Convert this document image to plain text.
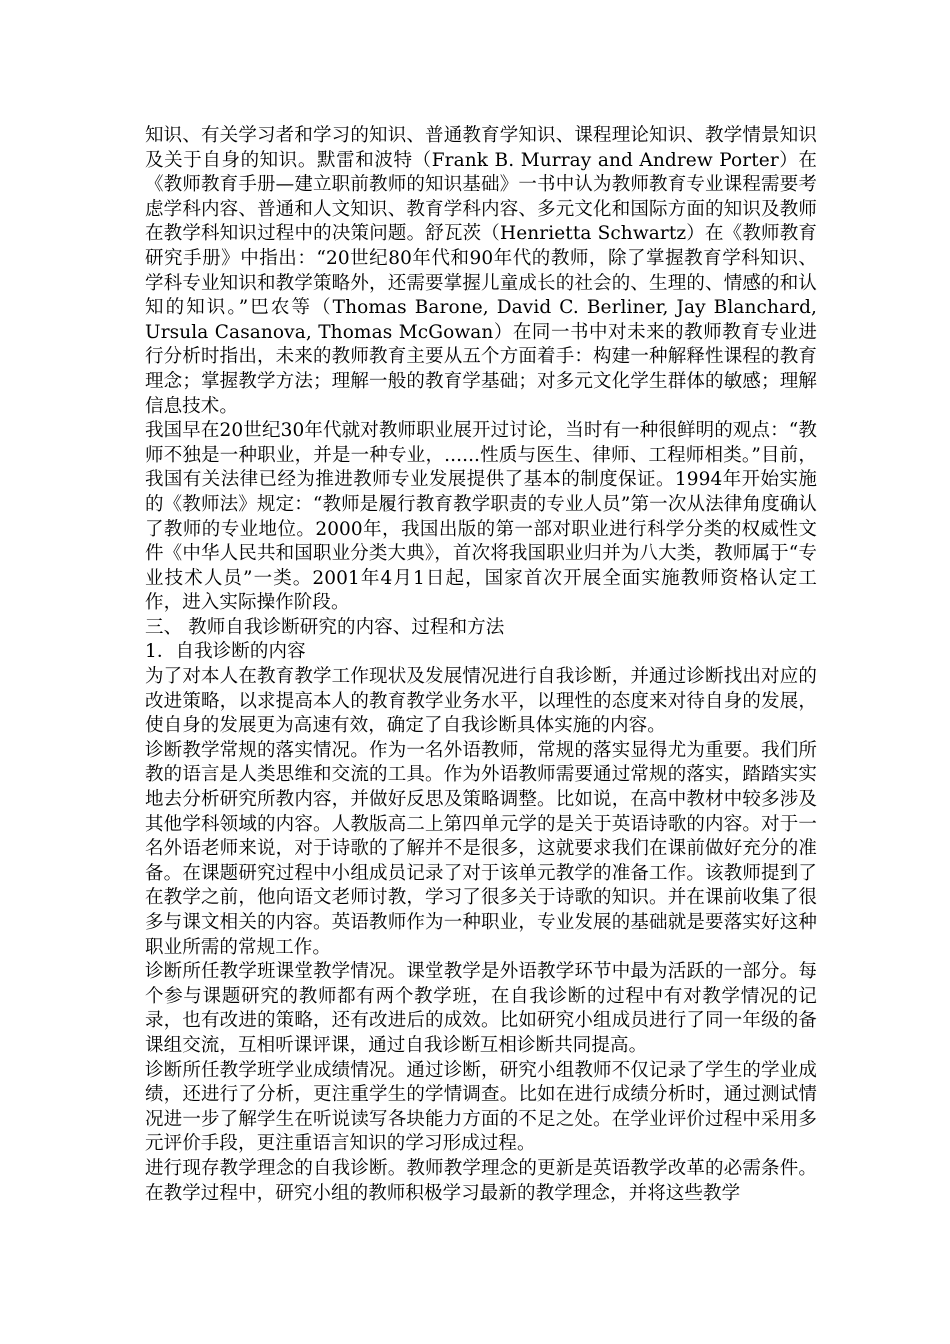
知识、有关学习者和学习的知识、普通教育学知识、课程理论知识、教学情景知识及关于自身的知识。默雷和波特（Frank B. Murray and Andrew Porter）在《教师教育手册—建立职前教师的知识基础》一书中认为教师教育专业课程需要考虑学科内容、普通和人文知识、教育学科内容、多元文化和国际方面的知识及教师在教学科知识过程中的决策问题。舒瓦茨（Henrietta Schwartz）在《教师教育研究手册》中指出：“20世纪80年代和90年代的教师，除了掌握教育学科知识、学科专业知识和教学策略外，还需要掌握儿童成长的社会的、生理的、情感的和认知的知识。”巴农等（Thomas Barone, David C. Berliner, Jay Blanchard, Ursula Casanova, Thomas McGowan）在同一书中对未来的教师教育专业进行分析时指出，未来的教师教育主要从五个方面着手：构建一种解释性课程的教育理念；掌握教学方法；理解一般的教育学基础；对多元文化学生群体的敏感；理解信息技术。

我国早在20世纪30年代就对教师职业展开过讨论，当时有一种很鲜明的观点：“教师不独是一种职业，并是一种专业，......性质与医生、律师、工程师相类。”目前，我国有关法律已经为推进教师专业发展提供了基本的制度保证。1994年开始实施的《教师法》规定：“教师是履行教育教学职责的专业人员”第一次从法律角度确认了教师的专业地位。2000年，我国出版的第一部对职业进行科学分类的权威性文件《中华人民共和国职业分类大典》，首次将我国职业归并为八大类，教师属于“专业技术人员”一类。2001年4月1日起，国家首次开展全面实施教师资格认定工作，进入实际操作阶段。

三、 教师自我诊断研究的内容、过程和方法

1．自我诊断的内容

为了对本人在教育教学工作现状及发展情况进行自我诊断，并通过诊断找出对应的改进策略，以求提高本人的教育教学业务水平，以理性的态度来对待自身的发展，使自身的发展更为高速有效，确定了自我诊断具体实施的内容。

诊断教学常规的落实情况。作为一名外语教师，常规的落实显得尤为重要。我们所教的语言是人类思维和交流的工具。作为外语教师需要通过常规的落实，踏踏实实地去分析研究所教内容，并做好反思及策略调整。比如说，在高中教材中较多涉及其他学科领域的内容。人教版高二上第四单元学的是关于英语诗歌的内容。对于一名外语老师来说，对于诗歌的了解并不是很多，这就要求我们在课前做好充分的准备。在课题研究过程中小组成员记录了对于该单元教学的准备工作。该教师提到了在教学之前，他向语文老师讨教，学习了很多关于诗歌的知识。并在课前收集了很多与课文相关的内容。英语教师作为一种职业，专业发展的基础就是要落实好这种职业所需的常规工作。

诊断所任教学班课堂教学情况。课堂教学是外语教学环节中最为活跃的一部分。每个参与课题研究的教师都有两个教学班，在自我诊断的过程中有对教学情况的记录，也有改进的策略，还有改进后的成效。比如研究小组成员进行了同一年级的备课组交流，互相听课评课，通过自我诊断互相诊断共同提高。

诊断所任教学班学业成绩情况。通过诊断，研究小组教师不仅记录了学生的学业成绩，还进行了分析，更注重学生的学情调查。比如在进行成绩分析时，通过测试情况进一步了解学生在听说读写各块能力方面的不足之处。在学业评价过程中采用多元评价手段，更注重语言知识的学习形成过程。

进行现存教学理念的自我诊断。教师教学理念的更新是英语教学改革的必需条件。在教学过程中，研究小组的教师积极学习最新的教学理念，并将这些教学
